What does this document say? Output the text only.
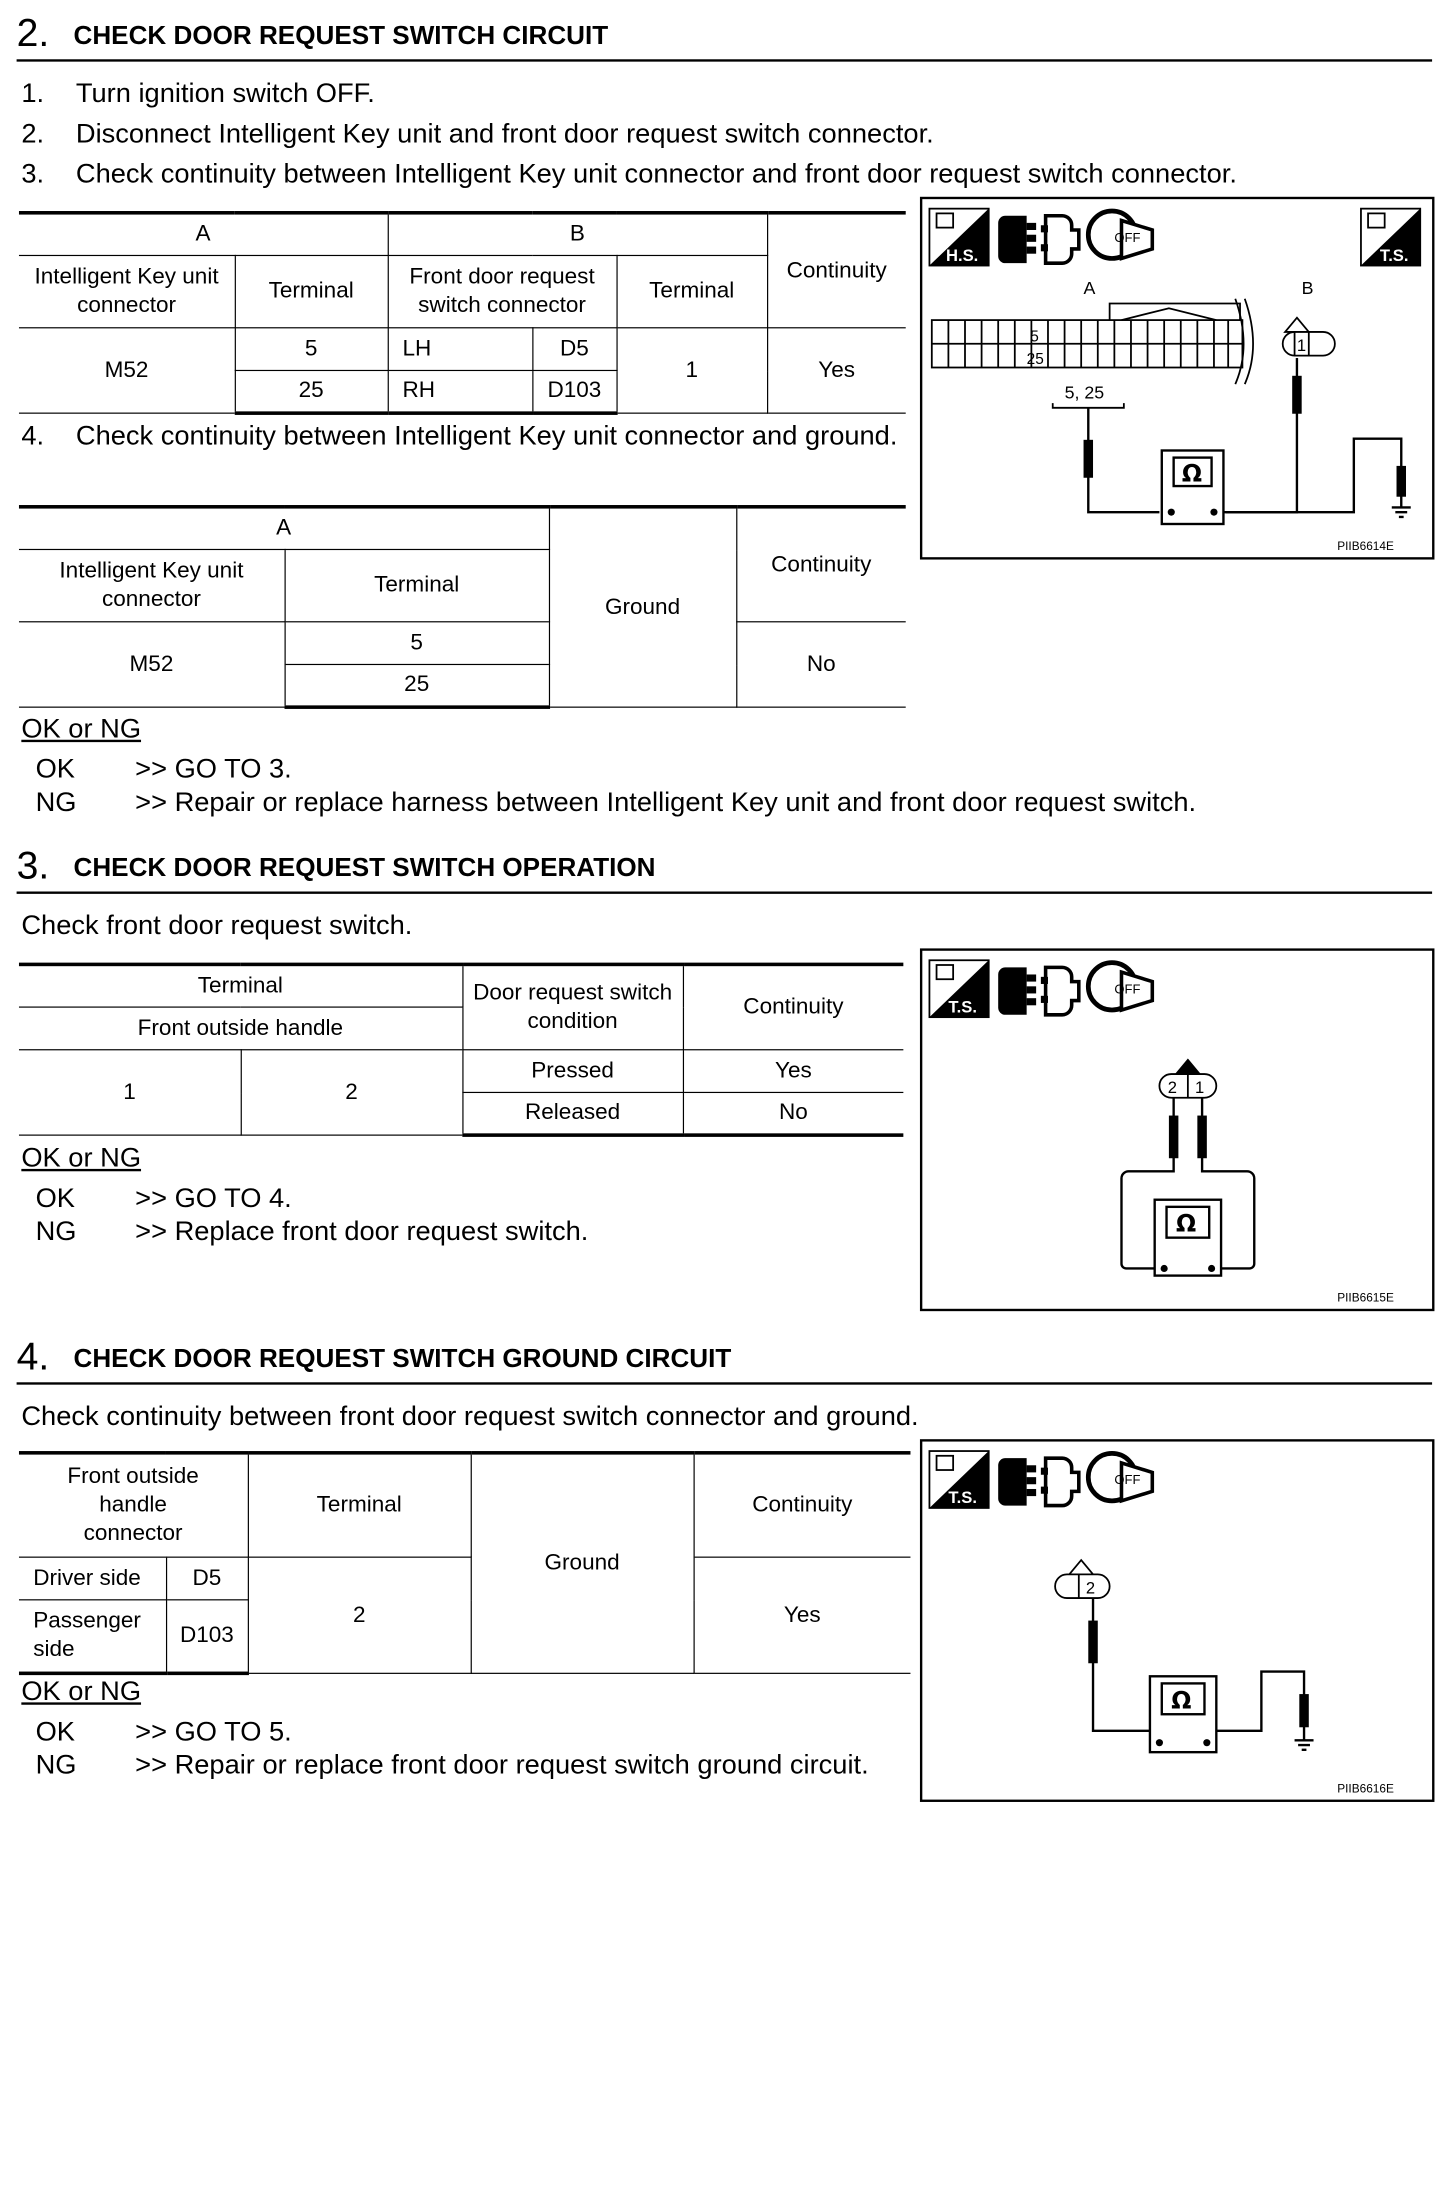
2. CHECK DOOR REQUEST SWITCH CIRCUIT
1. Turn ignition switch OFF.
2. Disconnect Intelligent Key unit and front door request switch connector.
3. Check continuity between Intelligent Key unit connector and front door request switch connector.
A		B			Continuity
Intelligent Key unit connector	Terminal	Front door request switch connector		Terminal	
M52	5	LH	D5	1	Yes
	25	RH	D103		
4. Check continuity between Intelligent Key unit connector and ground.
A		Ground	Continuity
Intelligent Key unit connector	Terminal		
M52	5		No
	25		
OK or NG
OK	>> GO TO 3.
NG	>> Repair or replace harness between Intelligent Key unit and front door request switch.
H.S.
OFF
T.S.
A	B
5
25
5, 25
1
Ω
PIIB6614E
3. CHECK DOOR REQUEST SWITCH OPERATION
Check front door request switch.
Terminal		Door request switch condition	Continuity
Front outside handle			
1	2	Pressed	Yes
		Released	No
OK or NG
OK	>> GO TO 4.
NG	>> Replace front door request switch.
T.S.
OFF
2 1
Ω
PIIB6615E
4. CHECK DOOR REQUEST SWITCH GROUND CIRCUIT
Check continuity between front door request switch connector and ground.
Front outside handle connector		Terminal	Ground	Continuity
Driver side	D5	2		Yes
Passenger side	D103			
OK or NG
OK	>> GO TO 5.
NG	>> Repair or replace front door request switch ground circuit.
T.S.
OFF
2
Ω
PIIB6616E
